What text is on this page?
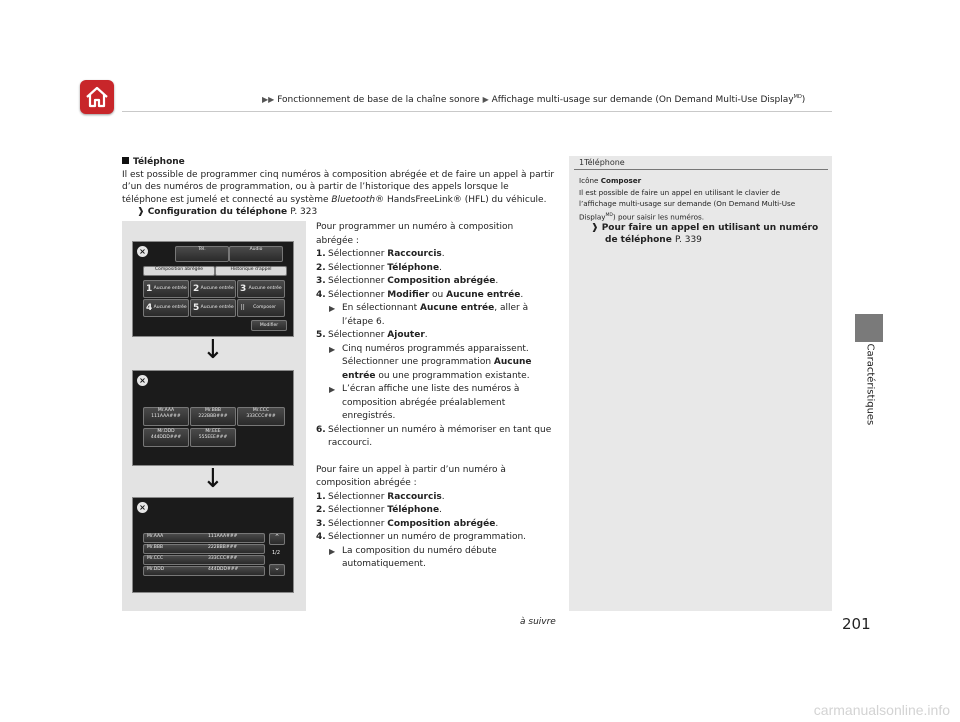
▶▶ Fonctionnement de base de la chaîne sonore ▶ Affichage multi-usage sur demande (On Demand Multi-Use Display$^{MD}$)
Caractéristiques
Téléphone
Il est possible de programmer cinq numéros à composition abrégée et de faire un appel à partir
d’un des numéros de programmation, ou à partir de l’historique des appels lorsque le
téléphone est jumelé et connecté au système Bluetooth® HandsFreeLink® (HFL) du véhicule.
❱ Configuration du téléphone P. 323
×	Tél.	Audio
Composition abrégée	Historique d'appel
1 Aucune entrée 2 Aucune entrée 3 Aucune entrée
4 Aucune entrée 5 Aucune entrée ⠿ Composer
Modifier
↓
×
Mr.AAA
111AAA###
Mr.BBB
222BBB###
Mr.CCC
333CCC###
Mr.DDD
444DDD###
Mr.EEE
555EEE###
↓
×
Mr.AAA	111AAA###
Mr.BBB	222BBB###
Mr.CCC	333CCC###
Mr.DDD	444DDD###
⌃
1/2
⌄

Pour programmer un numéro à composition

abrégée :

1. Sélectionner Raccourcis.

2. Sélectionner Téléphone.

3. Sélectionner Composition abrégée.

4. Sélectionner Modifier ou Aucune entrée.

▶ En sélectionnant Aucune entrée, aller à

l’étape 6.

5. Sélectionner Ajouter.

▶ Cinq numéros programmés apparaissent.

Sélectionner une programmation Aucune

entrée ou une programmation existante.

▶ L’écran affiche une liste des numéros à

composition abrégée préalablement

enregistrés.

6. Sélectionner un numéro à mémoriser en tant que

raccourci.

Pour faire un appel à partir d’un numéro à

composition abrégée :

1. Sélectionner Raccourcis.

2. Sélectionner Téléphone.

3. Sélectionner Composition abrégée.

4. Sélectionner un numéro de programmation.

▶ La composition du numéro débute

automatiquement.

1Téléphone
Icône Composer
Il est possible de faire un appel en utilisant le clavier de
l’affichage multi-usage sur demande (On Demand Multi-Use
Display$^{MD}$) pour saisir les numéros.
❱ Pour faire un appel en utilisant un numéro
de téléphone P. 339
à suivre	201
carmanualsonline.info
